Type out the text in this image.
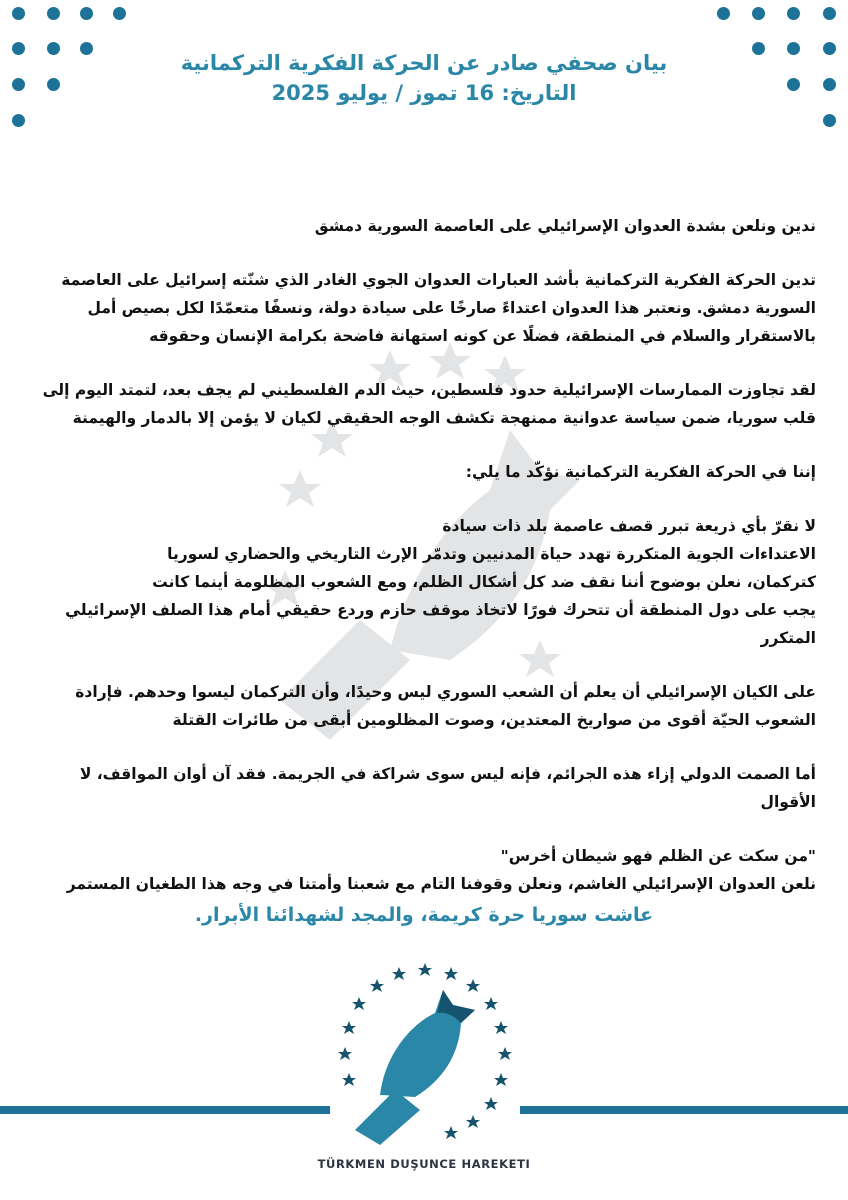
بيان صحفي صادر عن الحركة الفكرية التركمانية
التاريخ: 16 تموز / يوليو 2025

ندين ونلعن بشدة العدوان الإسرائيلي على العاصمة السورية دمشق

تدين الحركة الفكرية التركمانية بأشد العبارات العدوان الجوي الغادر الذي شنّته إسرائيل على العاصمة السورية دمشق. ونعتبر هذا العدوان اعتداءً صارخًا على سيادة دولة، ونسفًا متعمّدًا لكل بصيص أمل بالاستقرار والسلام في المنطقة، فضلًا عن كونه استهانة فاضحة بكرامة الإنسان وحقوقه

لقد تجاوزت الممارسات الإسرائيلية حدود فلسطين، حيث الدم الفلسطيني لم يجف بعد، لتمتد اليوم إلى قلب سوريا، ضمن سياسة عدوانية ممنهجة تكشف الوجه الحقيقي لكيان لا يؤمن إلا بالدمار والهيمنة

إننا في الحركة الفكرية التركمانية نؤكّد ما يلي:

لا نقرّ بأي ذريعة تبرر قصف عاصمة بلد ذات سيادة
الاعتداءات الجوية المتكررة تهدد حياة المدنيين وتدمّر الإرث التاريخي والحضاري لسوريا
كتركمان، نعلن بوضوح أننا نقف ضد كل أشكال الظلم، ومع الشعوب المظلومة أينما كانت
يجب على دول المنطقة أن تتحرك فورًا لاتخاذ موقف حازم وردع حقيقي أمام هذا الصلف الإسرائيلي المتكرر

على الكيان الإسرائيلي أن يعلم أن الشعب السوري ليس وحيدًا، وأن التركمان ليسوا وحدهم. فإرادة الشعوب الحيّة أقوى من صواريخ المعتدين، وصوت المظلومين أبقى من طائرات القتلة

أما الصمت الدولي إزاء هذه الجرائم، فإنه ليس سوى شراكة في الجريمة. فقد آن أوان المواقف، لا الأقوال

"من سكت عن الظلم فهو شيطان أخرس"
نلعن العدوان الإسرائيلي الغاشم، ونعلن وقوفنا التام مع شعبنا وأمتنا في وجه هذا الطغيان المستمر

عاشت سوريا حرة كريمة، والمجد لشهدائنا الأبرار.
TÜRKMEN DUŞUNCE HAREKETI
